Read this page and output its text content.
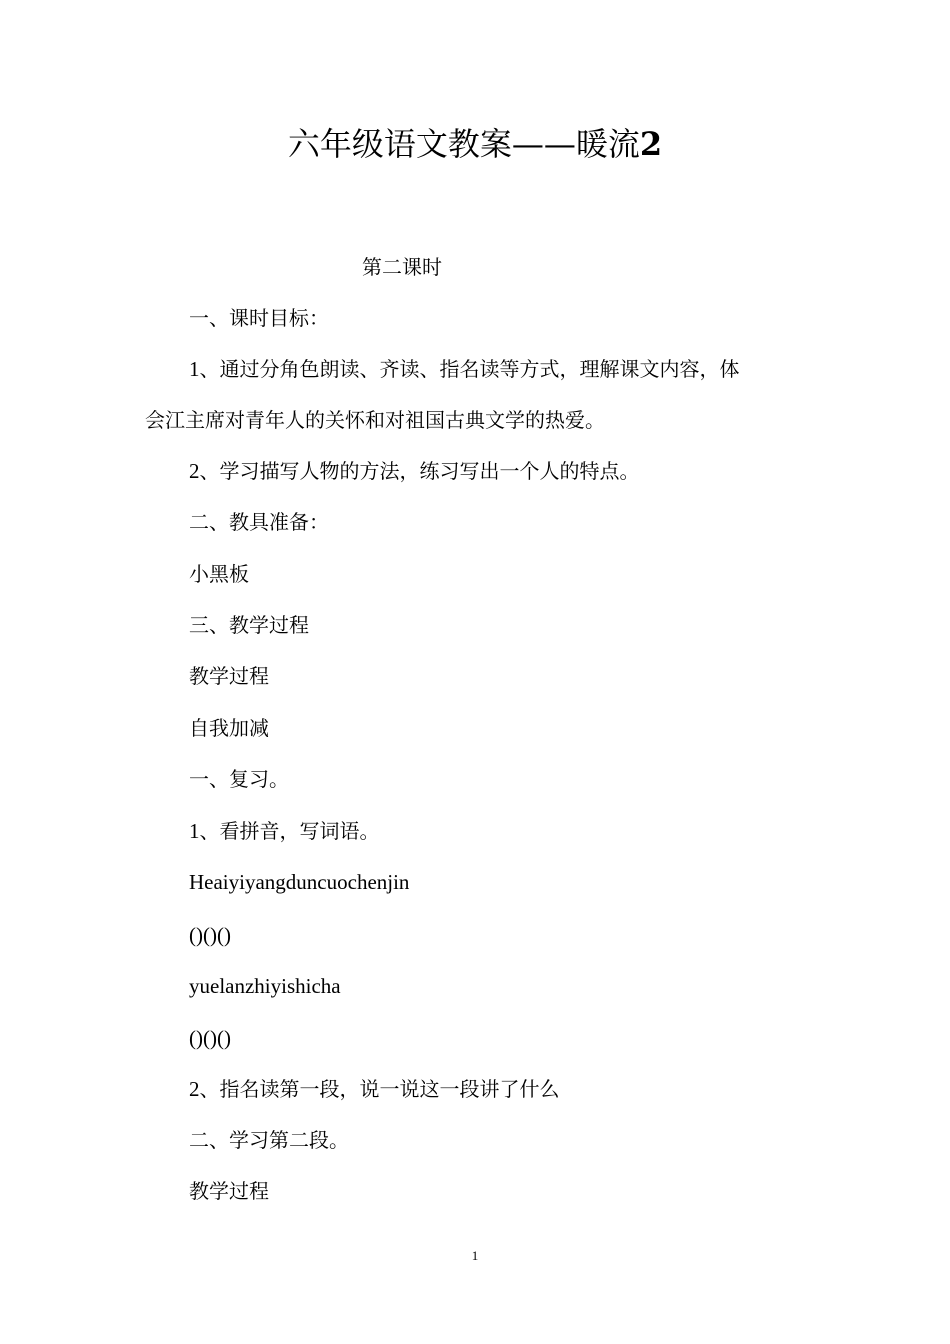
六年级语文教案——暖流2

第二课时

一、课时目标：

1、通过分角色朗读、齐读、指名读等方式，理解课文内容，体

会江主席对青年人的关怀和对祖国古典文学的热爱。

2、学习描写人物的方法，练习写出一个人的特点。

二、教具准备：

小黑板

三、教学过程

教学过程

自我加减

一、复习。

1、看拼音，写词语。

Heaiyiyangduncuochenjin

()()()

yuelanzhiyishicha

()()()

2、指名读第一段，说一说这一段讲了什么

二、学习第二段。

教学过程

1
